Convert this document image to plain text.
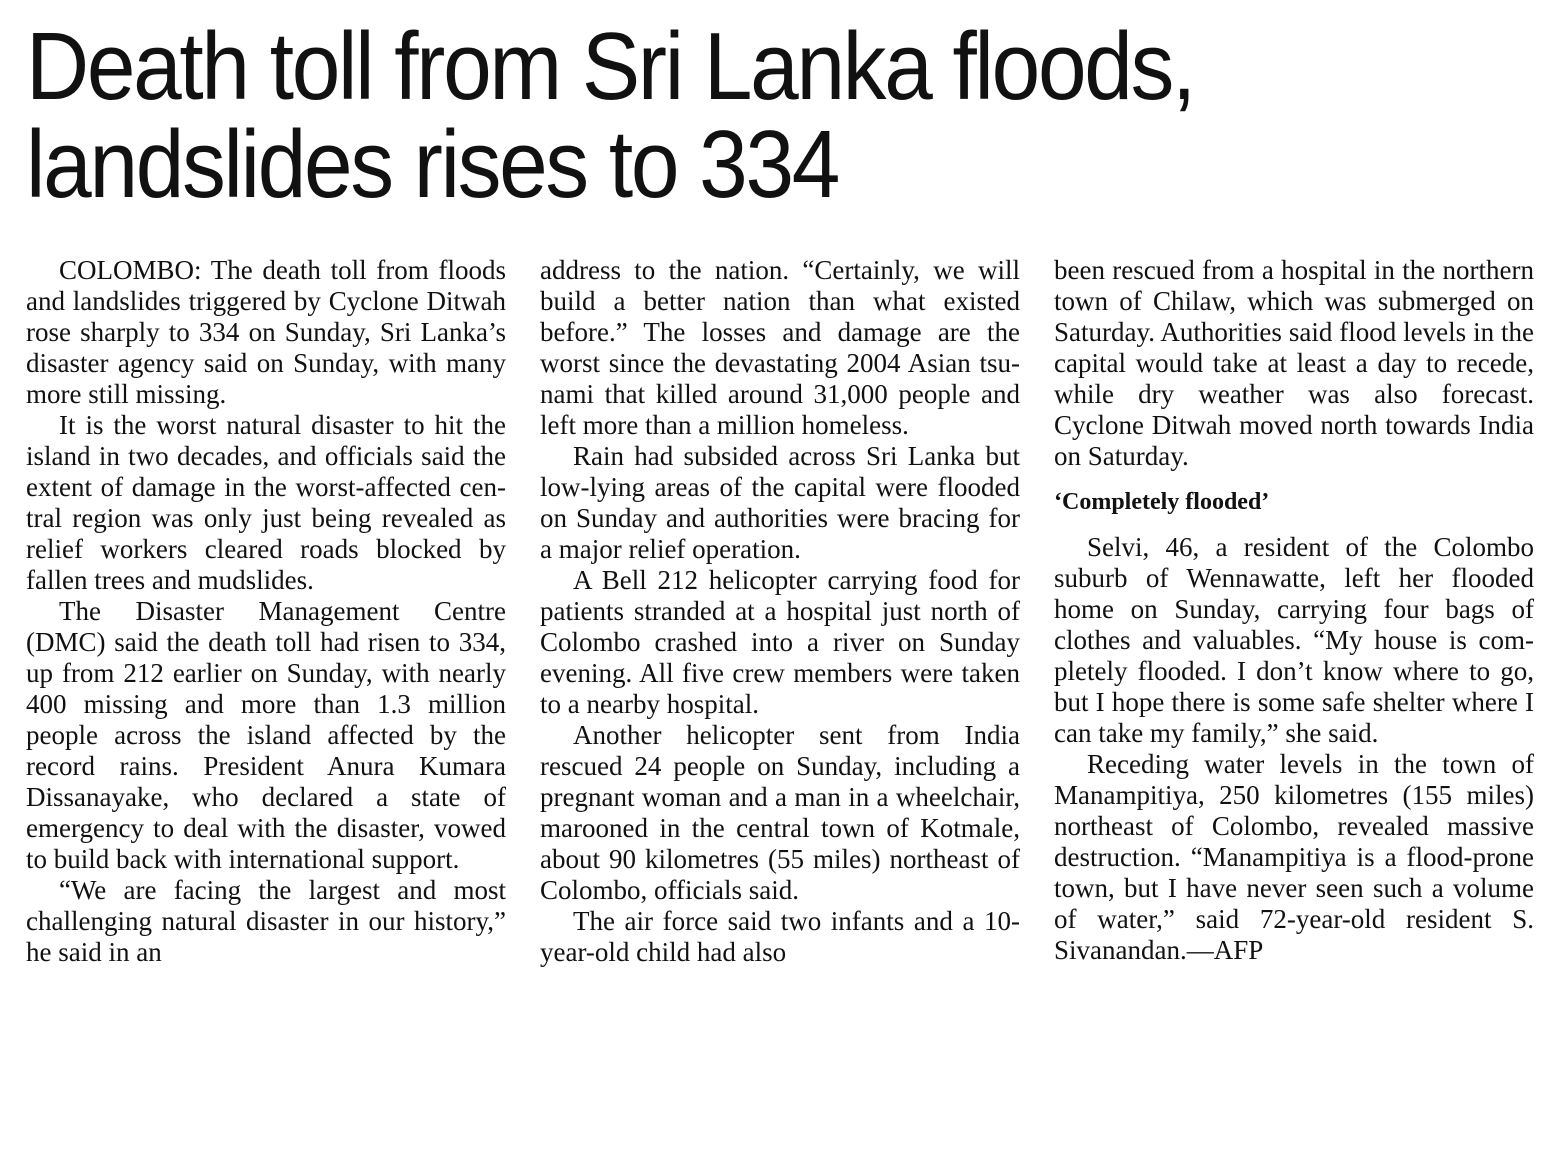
Death toll from Sri Lanka floods,
landslides rises to 334

COLOMBO: The death toll from floods and landslides triggered by Cyclone Ditwah rose sharply to 334 on Sunday, Sri Lanka’s disaster agency said on Sunday, with many more still missing.

It is the worst natural disaster to hit the island in two decades, and officials said the extent of damage in the worst-affected central region was only just being revealed as relief workers cleared roads blocked by fallen trees and mudslides.

The Disaster Management Centre (DMC) said the death toll had risen to 334, up from 212 earlier on Sunday, with nearly 400 missing and more than 1.3 million people across the island affected by the record rains. President Anura Kumara Dissanayake, who declared a state of emergency to deal with the disaster, vowed to build back with international support.

“We are facing the largest and most challenging natural disaster in our history,” he said in an

address to the nation. “Certainly, we will build a better nation than what existed before.” The losses and damage are the worst since the devastating 2004 Asian tsunami that killed around 31,000 people and left more than a million homeless.

Rain had subsided across Sri Lanka but low-lying areas of the capital were flooded on Sunday and authorities were bracing for a major relief operation.

A Bell 212 helicopter carrying food for patients stranded at a hospital just north of Colombo crashed into a river on Sunday evening. All five crew members were taken to a nearby hospital.

Another helicopter sent from India rescued 24 people on Sunday, including a pregnant woman and a man in a wheelchair, marooned in the central town of Kotmale, about 90 kilometres (55 miles) northeast of Colombo, officials said.

The air force said two infants and a 10-year-old child had also

been rescued from a hospital in the northern town of Chilaw, which was submerged on Saturday. Authorities said flood levels in the capital would take at least a day to recede, while dry weather was also forecast. Cyclone Ditwah moved north towards India on Saturday.

‘Completely flooded’

Selvi, 46, a resident of the Colombo suburb of Wennawatte, left her flooded home on Sunday, carrying four bags of clothes and valuables. “My house is completely flooded. I don’t know where to go, but I hope there is some safe shelter where I can take my family,” she said.

Receding water levels in the town of Manampitiya, 250 kilometres (155 miles) northeast of Colombo, revealed massive destruction. “Manampitiya is a flood-prone town, but I have never seen such a volume of water,” said 72-year-old resident S. Sivanandan.—AFP
